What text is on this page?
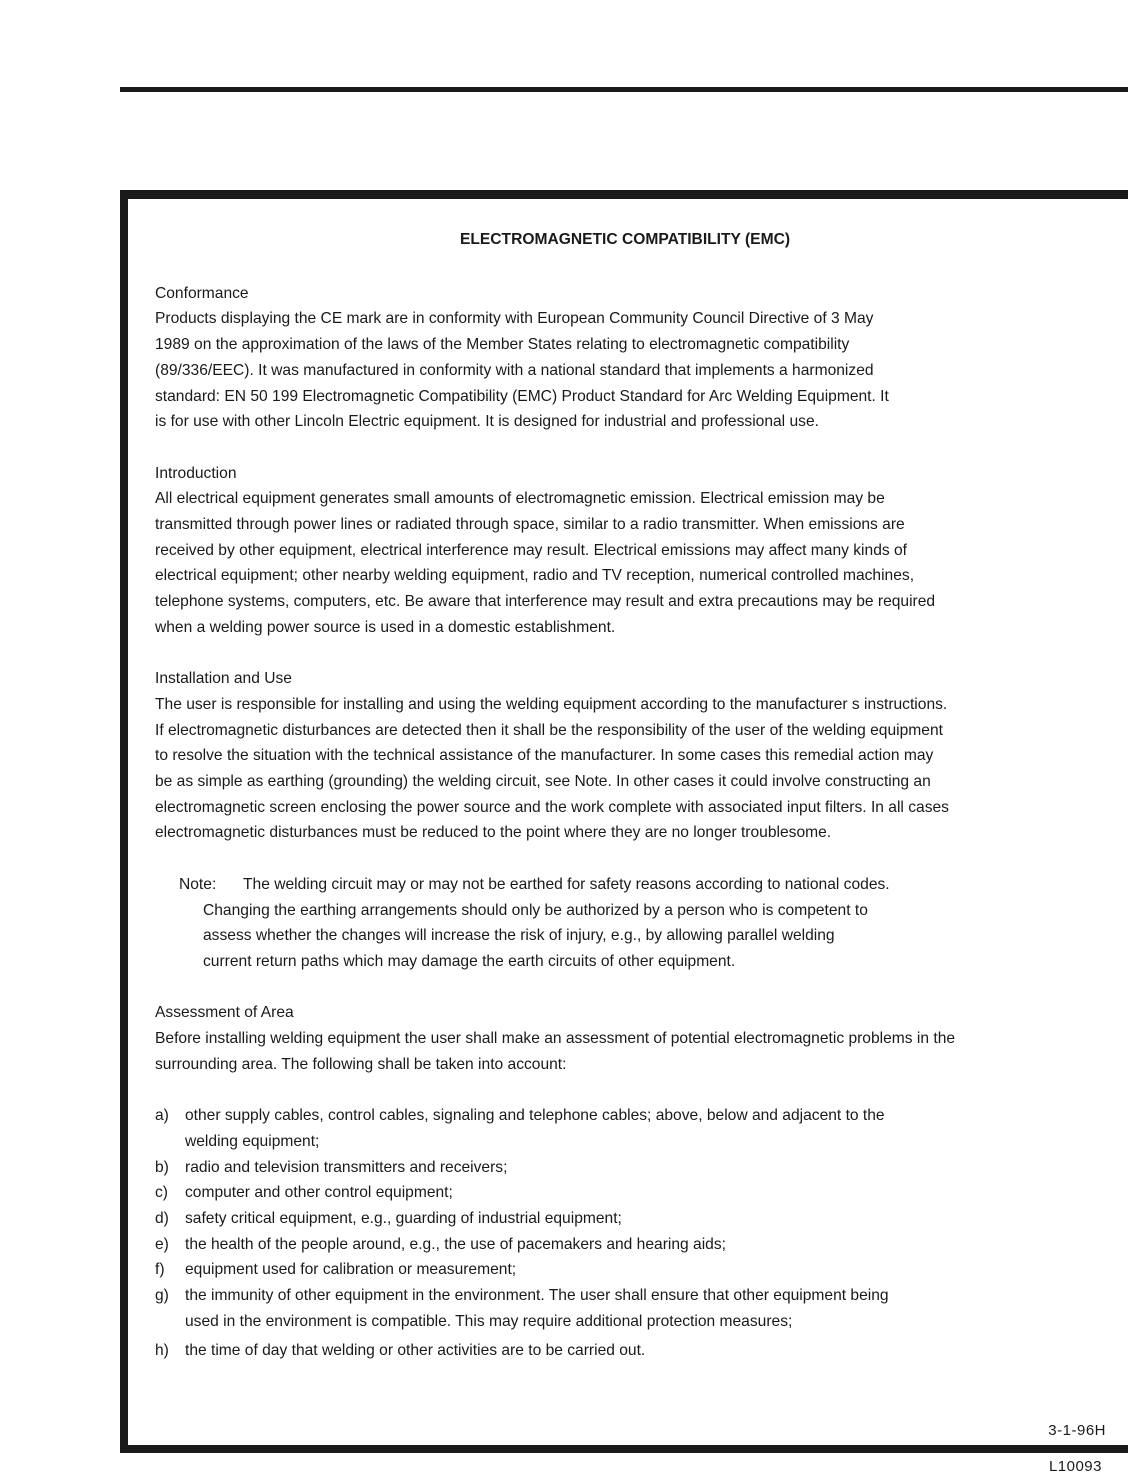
ELECTROMAGNETIC COMPATIBILITY (EMC)

Conformance

Products displaying the CE mark are in conformity with European Community Council Directive of 3 May
1989 on the approximation of the laws of the Member States relating to electromagnetic compatibility
(89/336/EEC). It was manufactured in conformity with a national standard that implements a harmonized
standard: EN 50 199 Electromagnetic Compatibility (EMC) Product Standard for Arc Welding Equipment. It
is for use with other Lincoln Electric equipment. It is designed for industrial and professional use.

Introduction

All electrical equipment generates small amounts of electromagnetic emission. Electrical emission may be
transmitted through power lines or radiated through space, similar to a radio transmitter. When emissions are
received by other equipment, electrical interference may result. Electrical emissions may affect many kinds of
electrical equipment; other nearby welding equipment, radio and TV reception, numerical controlled machines,
telephone systems, computers, etc. Be aware that interference may result and extra precautions may be required
when a welding power source is used in a domestic establishment.

Installation and Use

The user is responsible for installing and using the welding equipment according to the manufacturer s instructions.
If electromagnetic disturbances are detected then it shall be the responsibility of the user of the welding equipment
to resolve the situation with the technical assistance of the manufacturer. In some cases this remedial action may
be as simple as earthing (grounding) the welding circuit, see Note. In other cases it could involve constructing an
electromagnetic screen enclosing the power source and the work complete with associated input filters. In all cases
electromagnetic disturbances must be reduced to the point where they are no longer troublesome.

Note: The welding circuit may or may not be earthed for safety reasons according to national codes.
Changing the earthing arrangements should only be authorized by a person who is competent to
assess whether the changes will increase the risk of injury, e.g., by allowing parallel welding
current return paths which may damage the earth circuits of other equipment.

Assessment of Area

Before installing welding equipment the user shall make an assessment of potential electromagnetic problems in the
surrounding area. The following shall be taken into account:

a) other supply cables, control cables, signaling and telephone cables; above, below and adjacent to the
welding equipment;
b) radio and television transmitters and receivers;
c) computer and other control equipment;
d) safety critical equipment, e.g., guarding of industrial equipment;
e) the health of the people around, e.g., the use of pacemakers and hearing aids;
f) equipment used for calibration or measurement;
g) the immunity of other equipment in the environment. The user shall ensure that other equipment being
used in the environment is compatible. This may require additional protection measures;
h) the time of day that welding or other activities are to be carried out.
3-1-96H
L10093
